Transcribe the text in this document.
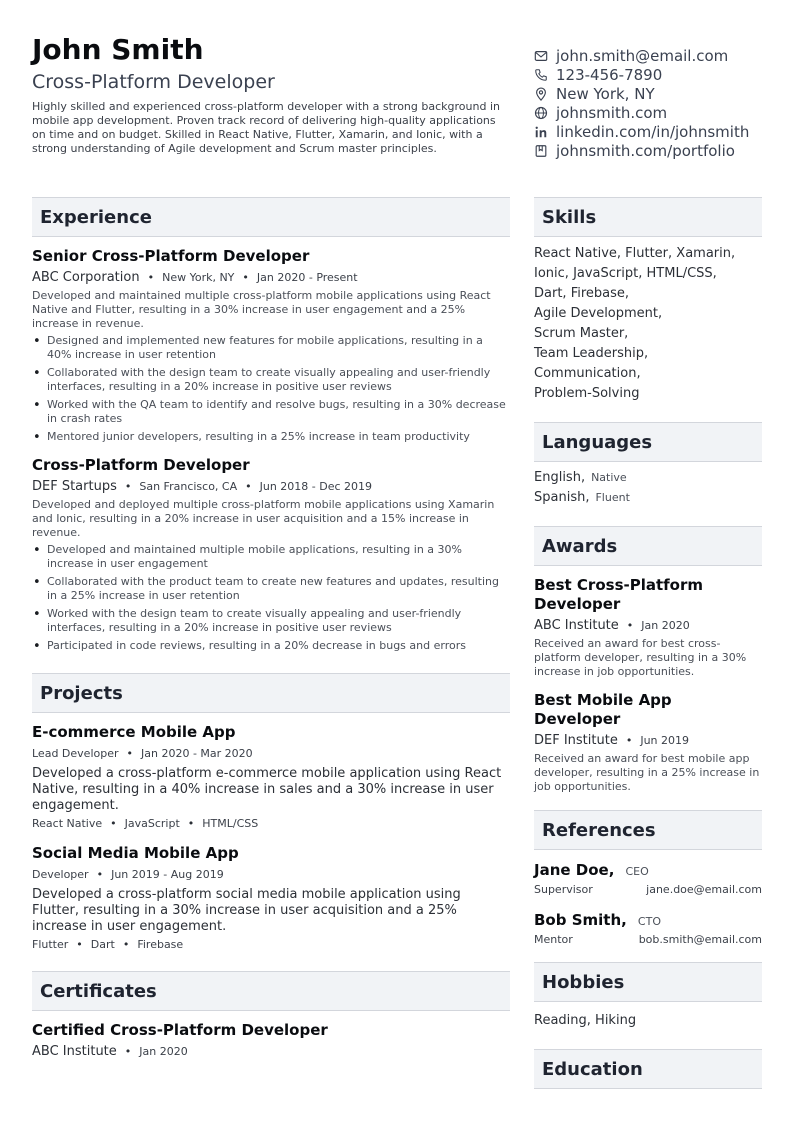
John Smith
Cross-Platform Developer
Highly skilled and experienced cross-platform developer with a strong background in mobile app development. Proven track record of delivering high-quality applications on time and on budget. Skilled in React Native, Flutter, Xamarin, and Ionic, with a strong understanding of Agile development and Scrum master principles.
john.smith@email.com
123-456-7890
New York, NY
johnsmith.com
linkedin.com/in/johnsmith
johnsmith.com/portfolio
Experience
Senior Cross-Platform Developer
ABC Corporation • New York, NY • Jan 2020 - Present
Developed and maintained multiple cross-platform mobile applications using React Native and Flutter, resulting in a 30% increase in user engagement and a 25% increase in revenue.
• Designed and implemented new features for mobile applications, resulting in a 40% increase in user retention
• Collaborated with the design team to create visually appealing and user-friendly interfaces, resulting in a 20% increase in positive user reviews
• Worked with the QA team to identify and resolve bugs, resulting in a 30% decrease in crash rates
• Mentored junior developers, resulting in a 25% increase in team productivity
Cross-Platform Developer
DEF Startups • San Francisco, CA • Jun 2018 - Dec 2019
Developed and deployed multiple cross-platform mobile applications using Xamarin and Ionic, resulting in a 20% increase in user acquisition and a 15% increase in revenue.
• Developed and maintained multiple mobile applications, resulting in a 30% increase in user engagement
• Collaborated with the product team to create new features and updates, resulting in a 25% increase in user retention
• Worked with the design team to create visually appealing and user-friendly interfaces, resulting in a 20% increase in positive user reviews
• Participated in code reviews, resulting in a 20% decrease in bugs and errors
Projects
E-commerce Mobile App
Lead Developer • Jan 2020 - Mar 2020
Developed a cross-platform e-commerce mobile application using React Native, resulting in a 40% increase in sales and a 30% increase in user engagement.
React Native • JavaScript • HTML/CSS
Social Media Mobile App
Developer • Jun 2019 - Aug 2019
Developed a cross-platform social media mobile application using Flutter, resulting in a 30% increase in user acquisition and a 25% increase in user engagement.
Flutter • Dart • Firebase
Certificates
Certified Cross-Platform Developer
ABC Institute • Jan 2020
Skills
React Native, Flutter, Xamarin,
Ionic, JavaScript, HTML/CSS,
Dart, Firebase,
Agile Development,
Scrum Master,
Team Leadership,
Communication,
Problem-Solving
Languages
English, Native
Spanish, Fluent
Awards
Best Cross-Platform Developer
ABC Institute • Jan 2020
Received an award for best cross-platform developer, resulting in a 30% increase in job opportunities.
Best Mobile App Developer
DEF Institute • Jun 2019
Received an award for best mobile app developer, resulting in a 25% increase in job opportunities.
References
Jane Doe, CEO
Supervisor	jane.doe@email.com
Bob Smith, CTO
Mentor	bob.smith@email.com
Hobbies
Reading, Hiking
Education
